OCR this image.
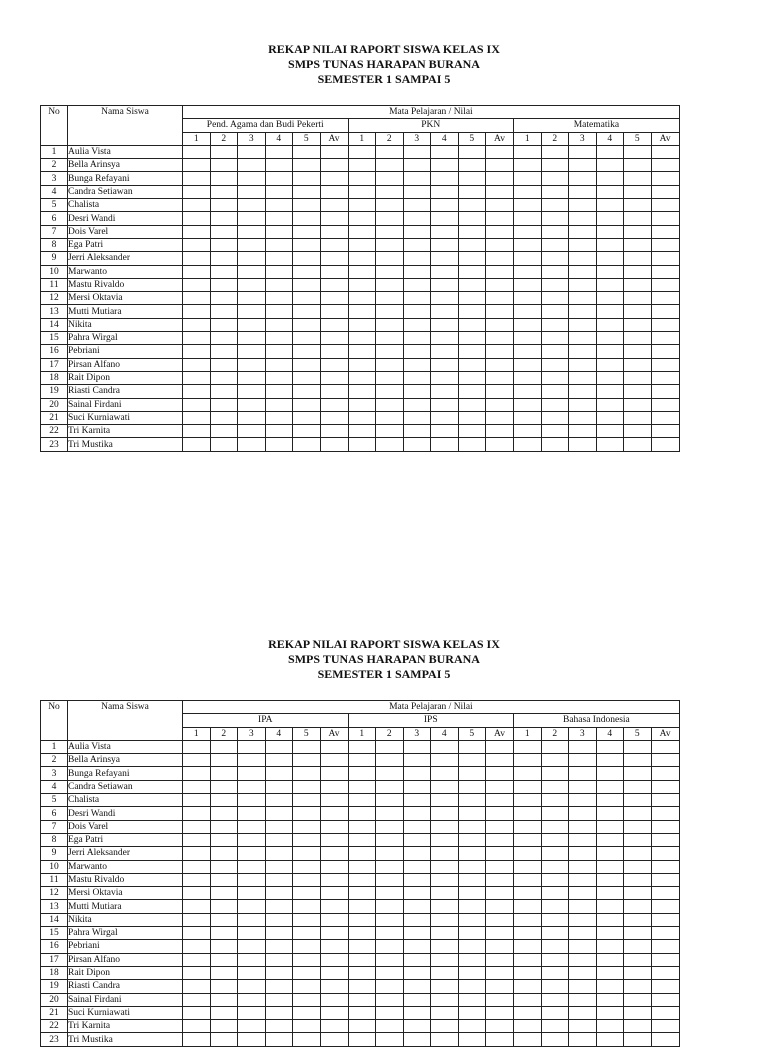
REKAP NILAI RAPORT SISWA KELAS IX
SMPS TUNAS HARAPAN BURANA
SEMESTER 1 SAMPAI 5
No	Nama Siswa	Mata Pelajaran / Nilai																	
		Pend. Agama dan Budi Pekerti						PKN						Matematika					
		1	2	3	4	5	Av	1	2	3	4	5	Av	1	2	3	4	5	Av
1	Aulia Vista																		
2	Bella Arinsya																		
3	Bunga Refayani																		
4	Candra Setiawan																		
5	Chalista																		
6	Desri Wandi																		
7	Dois Varel																		
8	Ega Patri																		
9	Jerri Aleksander																		
10	Marwanto																		
11	Mastu Rivaldo																		
12	Mersi Oktavia																		
13	Mutti Mutiara																		
14	Nikita																		
15	Pahra Wirgal																		
16	Pebriani																		
17	Pirsan Alfano																		
18	Rait Dipon																		
19	Riasti Candra																		
20	Sainal Firdani																		
21	Suci Kurniawati																		
22	Tri Karnita																		
23	Tri Mustika																		
REKAP NILAI RAPORT SISWA KELAS IX
SMPS TUNAS HARAPAN BURANA
SEMESTER 1 SAMPAI 5
No	Nama Siswa	Mata Pelajaran / Nilai																	
		IPA						IPS						Bahasa Indonesia					
		1	2	3	4	5	Av	1	2	3	4	5	Av	1	2	3	4	5	Av
1	Aulia Vista																		
2	Bella Arinsya																		
3	Bunga Refayani																		
4	Candra Setiawan																		
5	Chalista																		
6	Desri Wandi																		
7	Dois Varel																		
8	Ega Patri																		
9	Jerri Aleksander																		
10	Marwanto																		
11	Mastu Rivaldo																		
12	Mersi Oktavia																		
13	Mutti Mutiara																		
14	Nikita																		
15	Pahra Wirgal																		
16	Pebriani																		
17	Pirsan Alfano																		
18	Rait Dipon																		
19	Riasti Candra																		
20	Sainal Firdani																		
21	Suci Kurniawati																		
22	Tri Karnita																		
23	Tri Mustika																		
